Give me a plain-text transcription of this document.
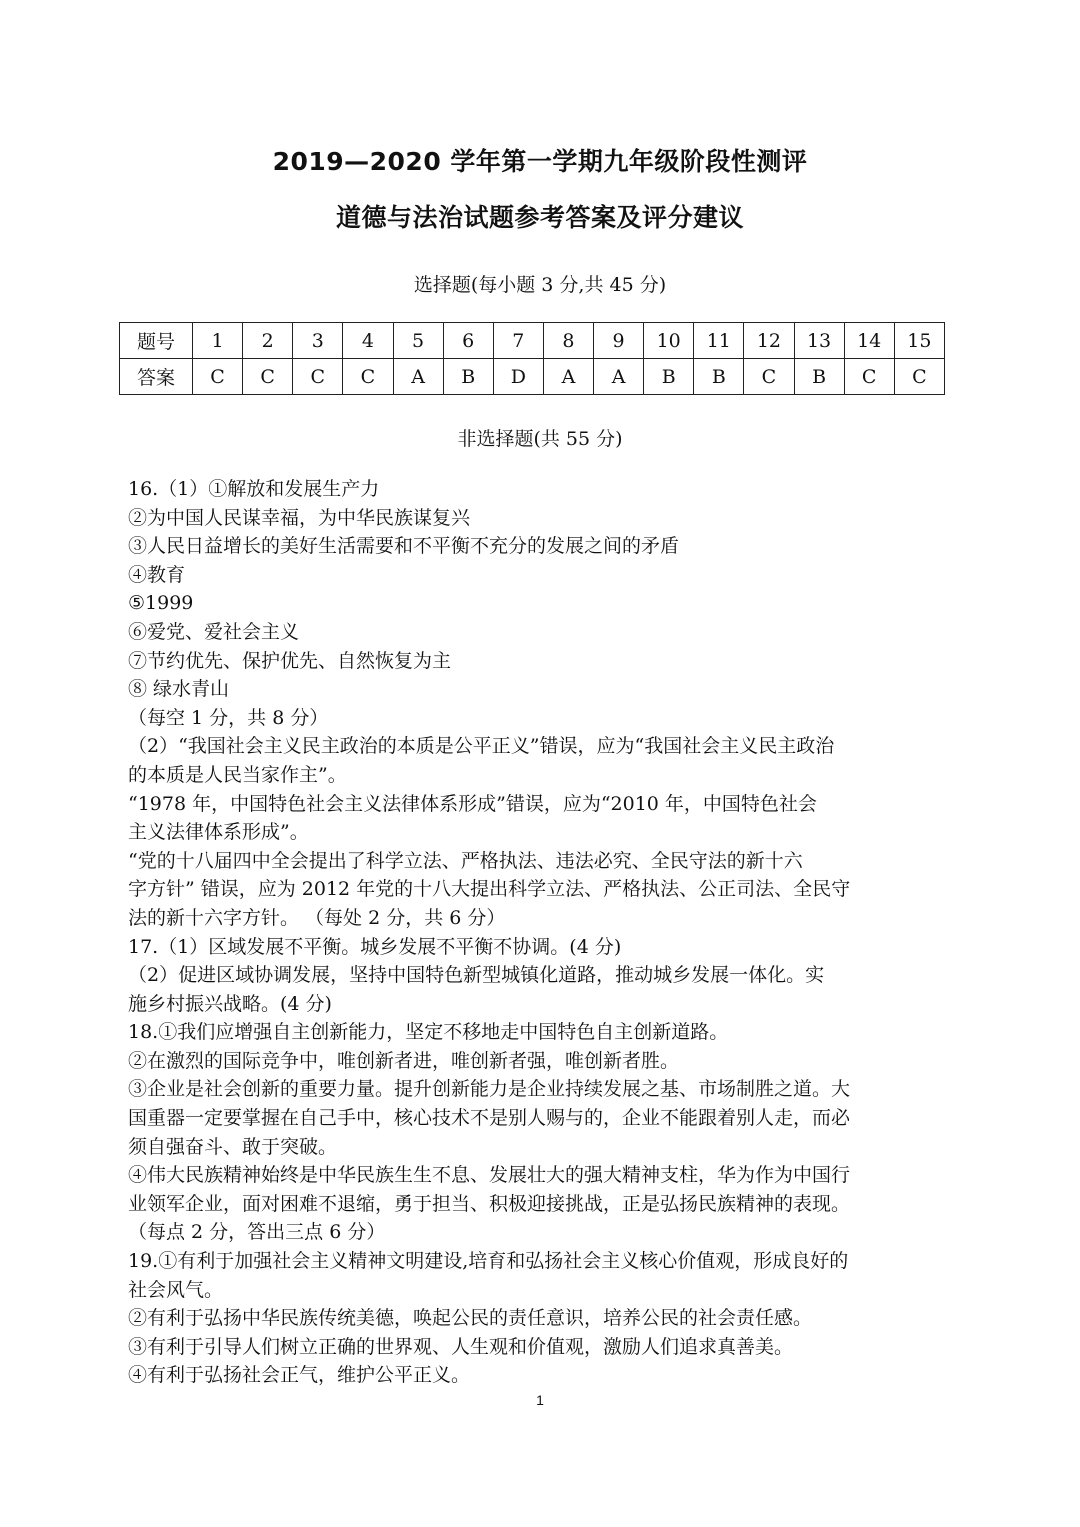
2019—2020 学年第一学期九年级阶段性测评
道德与法治试题参考答案及评分建议
选择题(每小题 3 分,共 45 分)
题号	1	2	3	4	5	6	7	8	9	10	11	12	13	14	15
答案	C	C	C	C	A	B	D	A	A	B	B	C	B	C	C
非选择题(共 55 分)
16.（1）①解放和发展生产力
②为中国人民谋幸福，为中华民族谋复兴
③人民日益增长的美好生活需要和不平衡不充分的发展之间的矛盾
④教育
⑤1999
⑥爱党、爱社会主义
⑦节约优先、保护优先、自然恢复为主
⑧ 绿水青山
（每空 1 分，共 8 分）
（2）“我国社会主义民主政治的本质是公平正义”错误，应为“我国社会主义民主政治
的本质是人民当家作主”。
“1978 年，中国特色社会主义法律体系形成”错误，应为“2010 年，中国特色社会
主义法律体系形成”。
“党的十八届四中全会提出了科学立法、严格执法、违法必究、全民守法的新十六
字方针” 错误，应为 2012 年党的十八大提出科学立法、严格执法、公正司法、全民守
法的新十六字方针。 （每处 2 分，共 6 分）
17.（1）区域发展不平衡。城乡发展不平衡不协调。(4 分)
（2）促进区域协调发展，坚持中国特色新型城镇化道路，推动城乡发展一体化。实
施乡村振兴战略。(4 分)
18.①我们应增强自主创新能力，坚定不移地走中国特色自主创新道路。
②在激烈的国际竞争中，唯创新者进，唯创新者强，唯创新者胜。
③企业是社会创新的重要力量。提升创新能力是企业持续发展之基、市场制胜之道。大
国重器一定要掌握在自己手中，核心技术不是别人赐与的，企业不能跟着别人走，而必
须自强奋斗、敢于突破。
④伟大民族精神始终是中华民族生生不息、发展壮大的强大精神支柱，华为作为中国行
业领军企业，面对困难不退缩，勇于担当、积极迎接挑战，正是弘扬民族精神的表现。
（每点 2 分，答出三点 6 分）
19.①有利于加强社会主义精神文明建设,培育和弘扬社会主义核心价值观，形成良好的
社会风气。
②有利于弘扬中华民族传统美德，唤起公民的责任意识，培养公民的社会责任感。
③有利于引导人们树立正确的世界观、人生观和价值观，激励人们追求真善美。
④有利于弘扬社会正气，维护公平正义。
1
